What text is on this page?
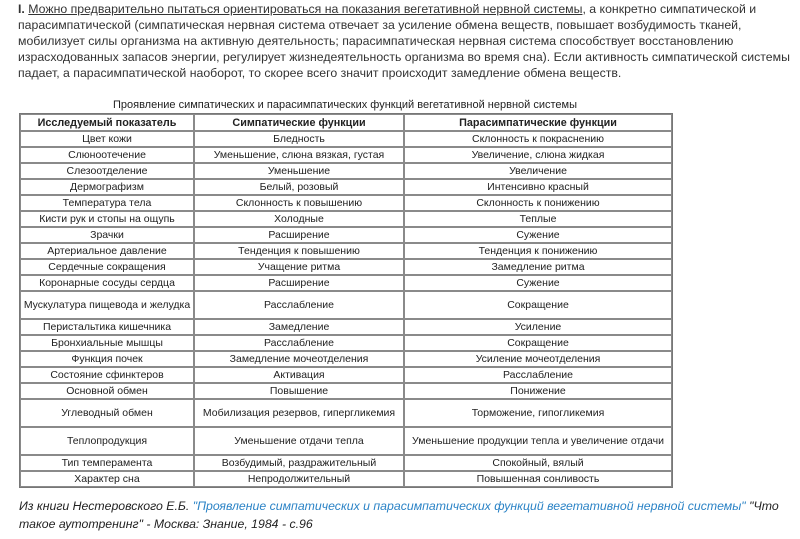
I. Можно предварительно пытаться ориентироваться на показания вегетативной нервной системы, а конкретно симпатической и парасимпатической (симпатическая нервная система отвечает за усиление обмена веществ, повышает возбудимость тканей, мобилизует силы организма на активную деятельность; парасимпатическая нервная система способствует восстановлению израсходованных запасов энергии, регулирует жизнедеятельность организма во время сна). Если активность симпатической системы падает, а парасимпатической наоборот, то скорее всего значит происходит замедление обмена веществ.

Проявление симпатических и парасимпатических функций вегетативной нервной системы
Исследуемый показатель	Симпатические функции	Парасимпатические функции
Цвет кожи	Бледность	Склонность к покраснению
Слюноотечение	Уменьшение, слюна вязкая, густая	Увеличение, слюна жидкая
Слезоотделение	Уменьшение	Увеличение
Дермографизм	Белый, розовый	Интенсивно красный
Температура тела	Склонность к повышению	Склонность к понижению
Кисти рук и стопы на ощупь	Холодные	Теплые
Зрачки	Расширение	Сужение
Артериальное давление	Тенденция к повышению	Тенденция к понижению
Сердечные сокращения	Учащение ритма	Замедление ритма
Коронарные сосуды сердца	Расширение	Сужение
Мускулатура пищевода и желудка	Расслабление	Сокращение
Перистальтика кишечника	Замедление	Усиление
Бронхиальные мышцы	Расслабление	Сокращение
Функция почек	Замедление мочеотделения	Усиление мочеотделения
Состояние сфинктеров	Активация	Расслабление
Основной обмен	Повышение	Понижение
Углеводный обмен	Мобилизация резервов, гипергликемия	Торможение, гипогликемия
Теплопродукция	Уменьшение отдачи тепла	Уменьшение продукции тепла и увеличение отдачи
Тип темперамента	Возбудимый, раздражительный	Спокойный, вялый
Характер сна	Непродолжительный	Повышенная сонливость

Из книги Нестеровского Е.Б. "Проявление симпатических и парасимпатических функций вегетативной нервной системы" "Что такое аутотренинг" - Москва: Знание, 1984 - с.96
